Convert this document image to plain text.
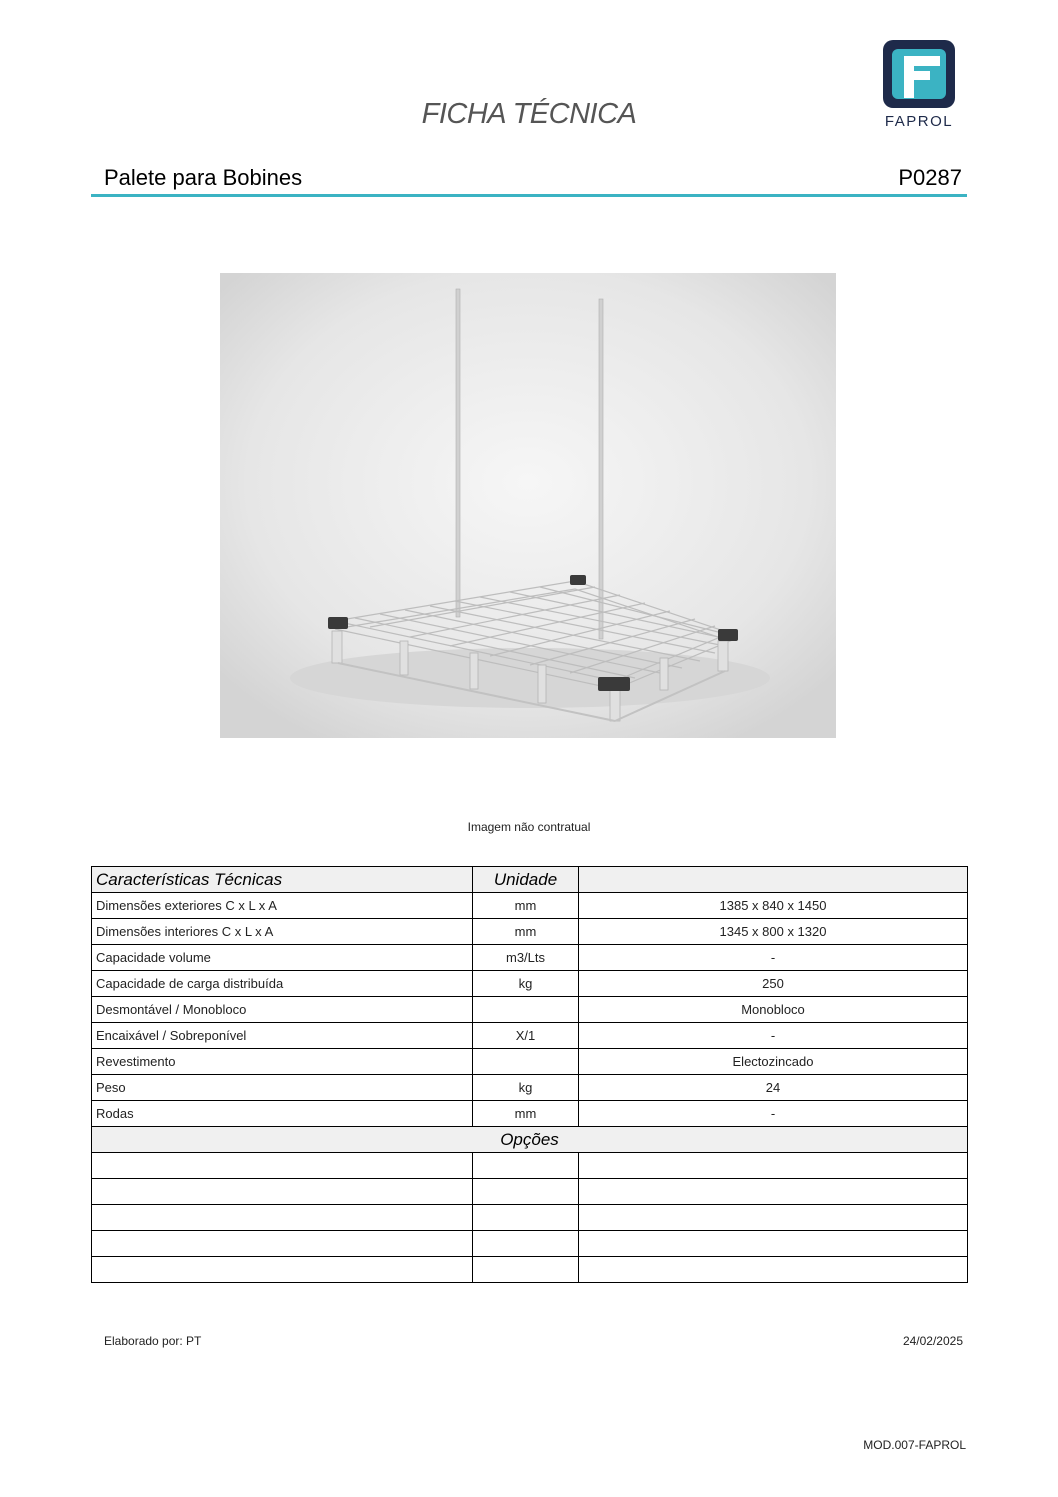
FAPROL
FICHA TÉCNICA
Palete para Bobines	P0287
Imagem não contratual
Características Técnicas	Unidade	
Dimensões exteriores C x L x A	mm	1385 x 840 x 1450
Dimensões interiores C x L x A	mm	1345 x 800 x 1320
Capacidade volume	m3/Lts	-
Capacidade de carga distribuída	kg	250
Desmontável / Monobloco		Monobloco
Encaixável / Sobreponível	X/1	-
Revestimento		Electozincado
Peso	kg	24
Rodas	mm	-
Opções		

Elaborado por: PT	24/02/2025
MOD.007-FAPROL
